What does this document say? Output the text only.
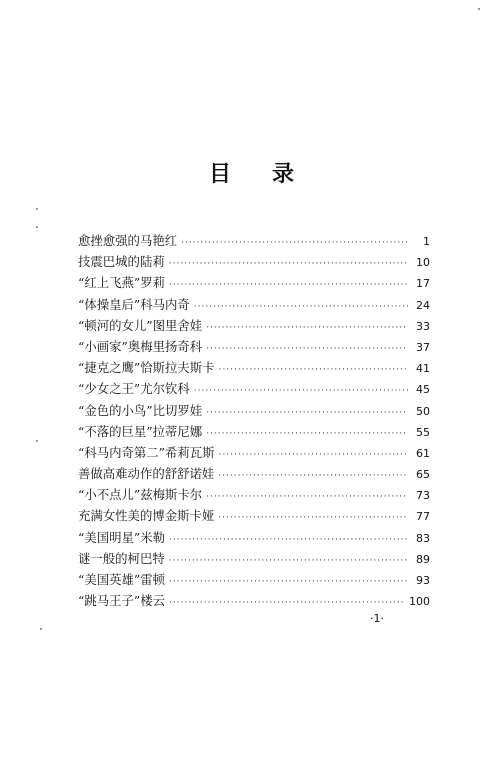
目 录
愈挫愈强的马艳红 ·····	1
技震巴城的陆莉 ·····	10
“红上飞燕”罗莉 ·····	17
“体操皇后”科马内奇 ·····	24
“顿河的女儿”图里舍娃 ·····	33
“小画家”奥梅里扬奇科 ·····	37
“捷克之鹰”恰斯拉夫斯卡 ·····	41
“少女之王”尤尔钦科 ·····	45
“金色的小鸟”比切罗娃 ·····	50
“不落的巨星”拉蒂尼娜 ·····	55
“科马内奇第二”希莉瓦斯 ·····	61
善做高难动作的舒舒诺娃 ·····	65
“小不点儿”兹梅斯卡尔 ·····	73
充满女性美的博金斯卡娅 ·····	77
“美国明星”米勒 ·····	83
谜一般的柯巴特 ·····	89
“美国英雄”雷顿 ·····	93
“跳马王子”楼云 ·····	100
·1·
